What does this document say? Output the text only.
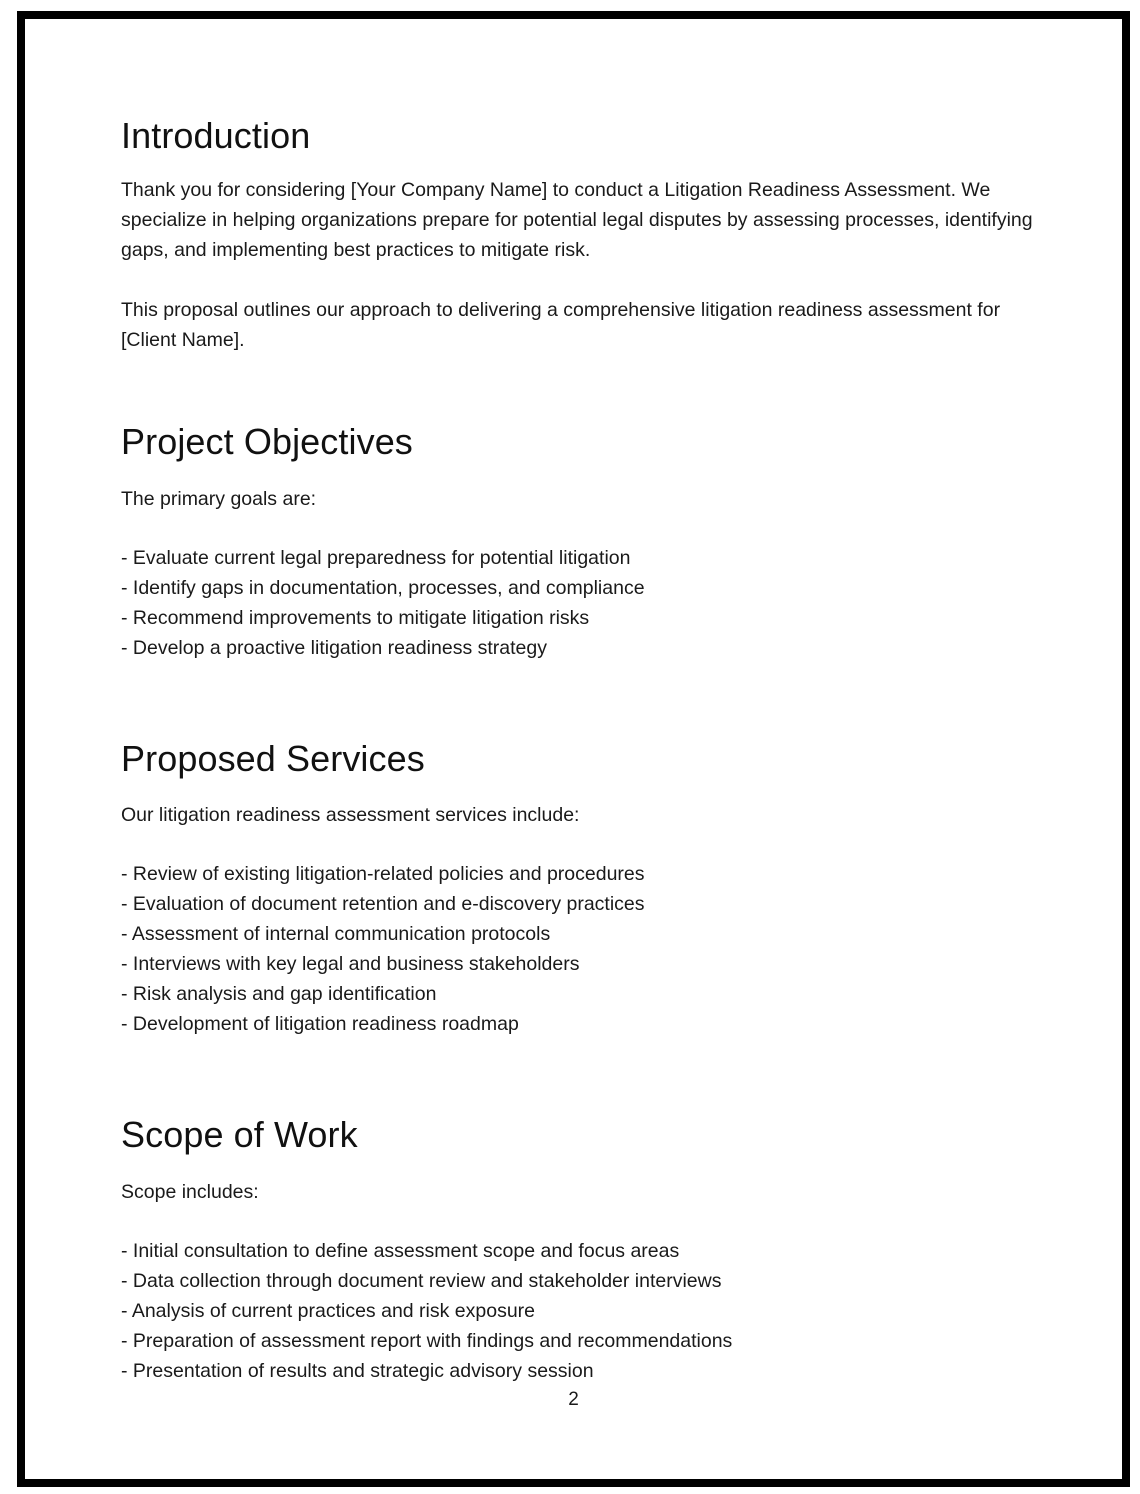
Introduction

Thank you for considering [Your Company Name] to conduct a Litigation Readiness Assessment. We specialize in helping organizations prepare for potential legal disputes by assessing processes, identifying gaps, and implementing best practices to mitigate risk.

This proposal outlines our approach to delivering a comprehensive litigation readiness assessment for [Client Name].

Project Objectives

The primary goals are:

- Evaluate current legal preparedness for potential litigation
- Identify gaps in documentation, processes, and compliance
- Recommend improvements to mitigate litigation risks
- Develop a proactive litigation readiness strategy
Proposed Services

Our litigation readiness assessment services include:

- Review of existing litigation-related policies and procedures
- Evaluation of document retention and e-discovery practices
- Assessment of internal communication protocols
- Interviews with key legal and business stakeholders
- Risk analysis and gap identification
- Development of litigation readiness roadmap
Scope of Work

Scope includes:

- Initial consultation to define assessment scope and focus areas
- Data collection through document review and stakeholder interviews
- Analysis of current practices and risk exposure
- Preparation of assessment report with findings and recommendations
- Presentation of results and strategic advisory session
2
